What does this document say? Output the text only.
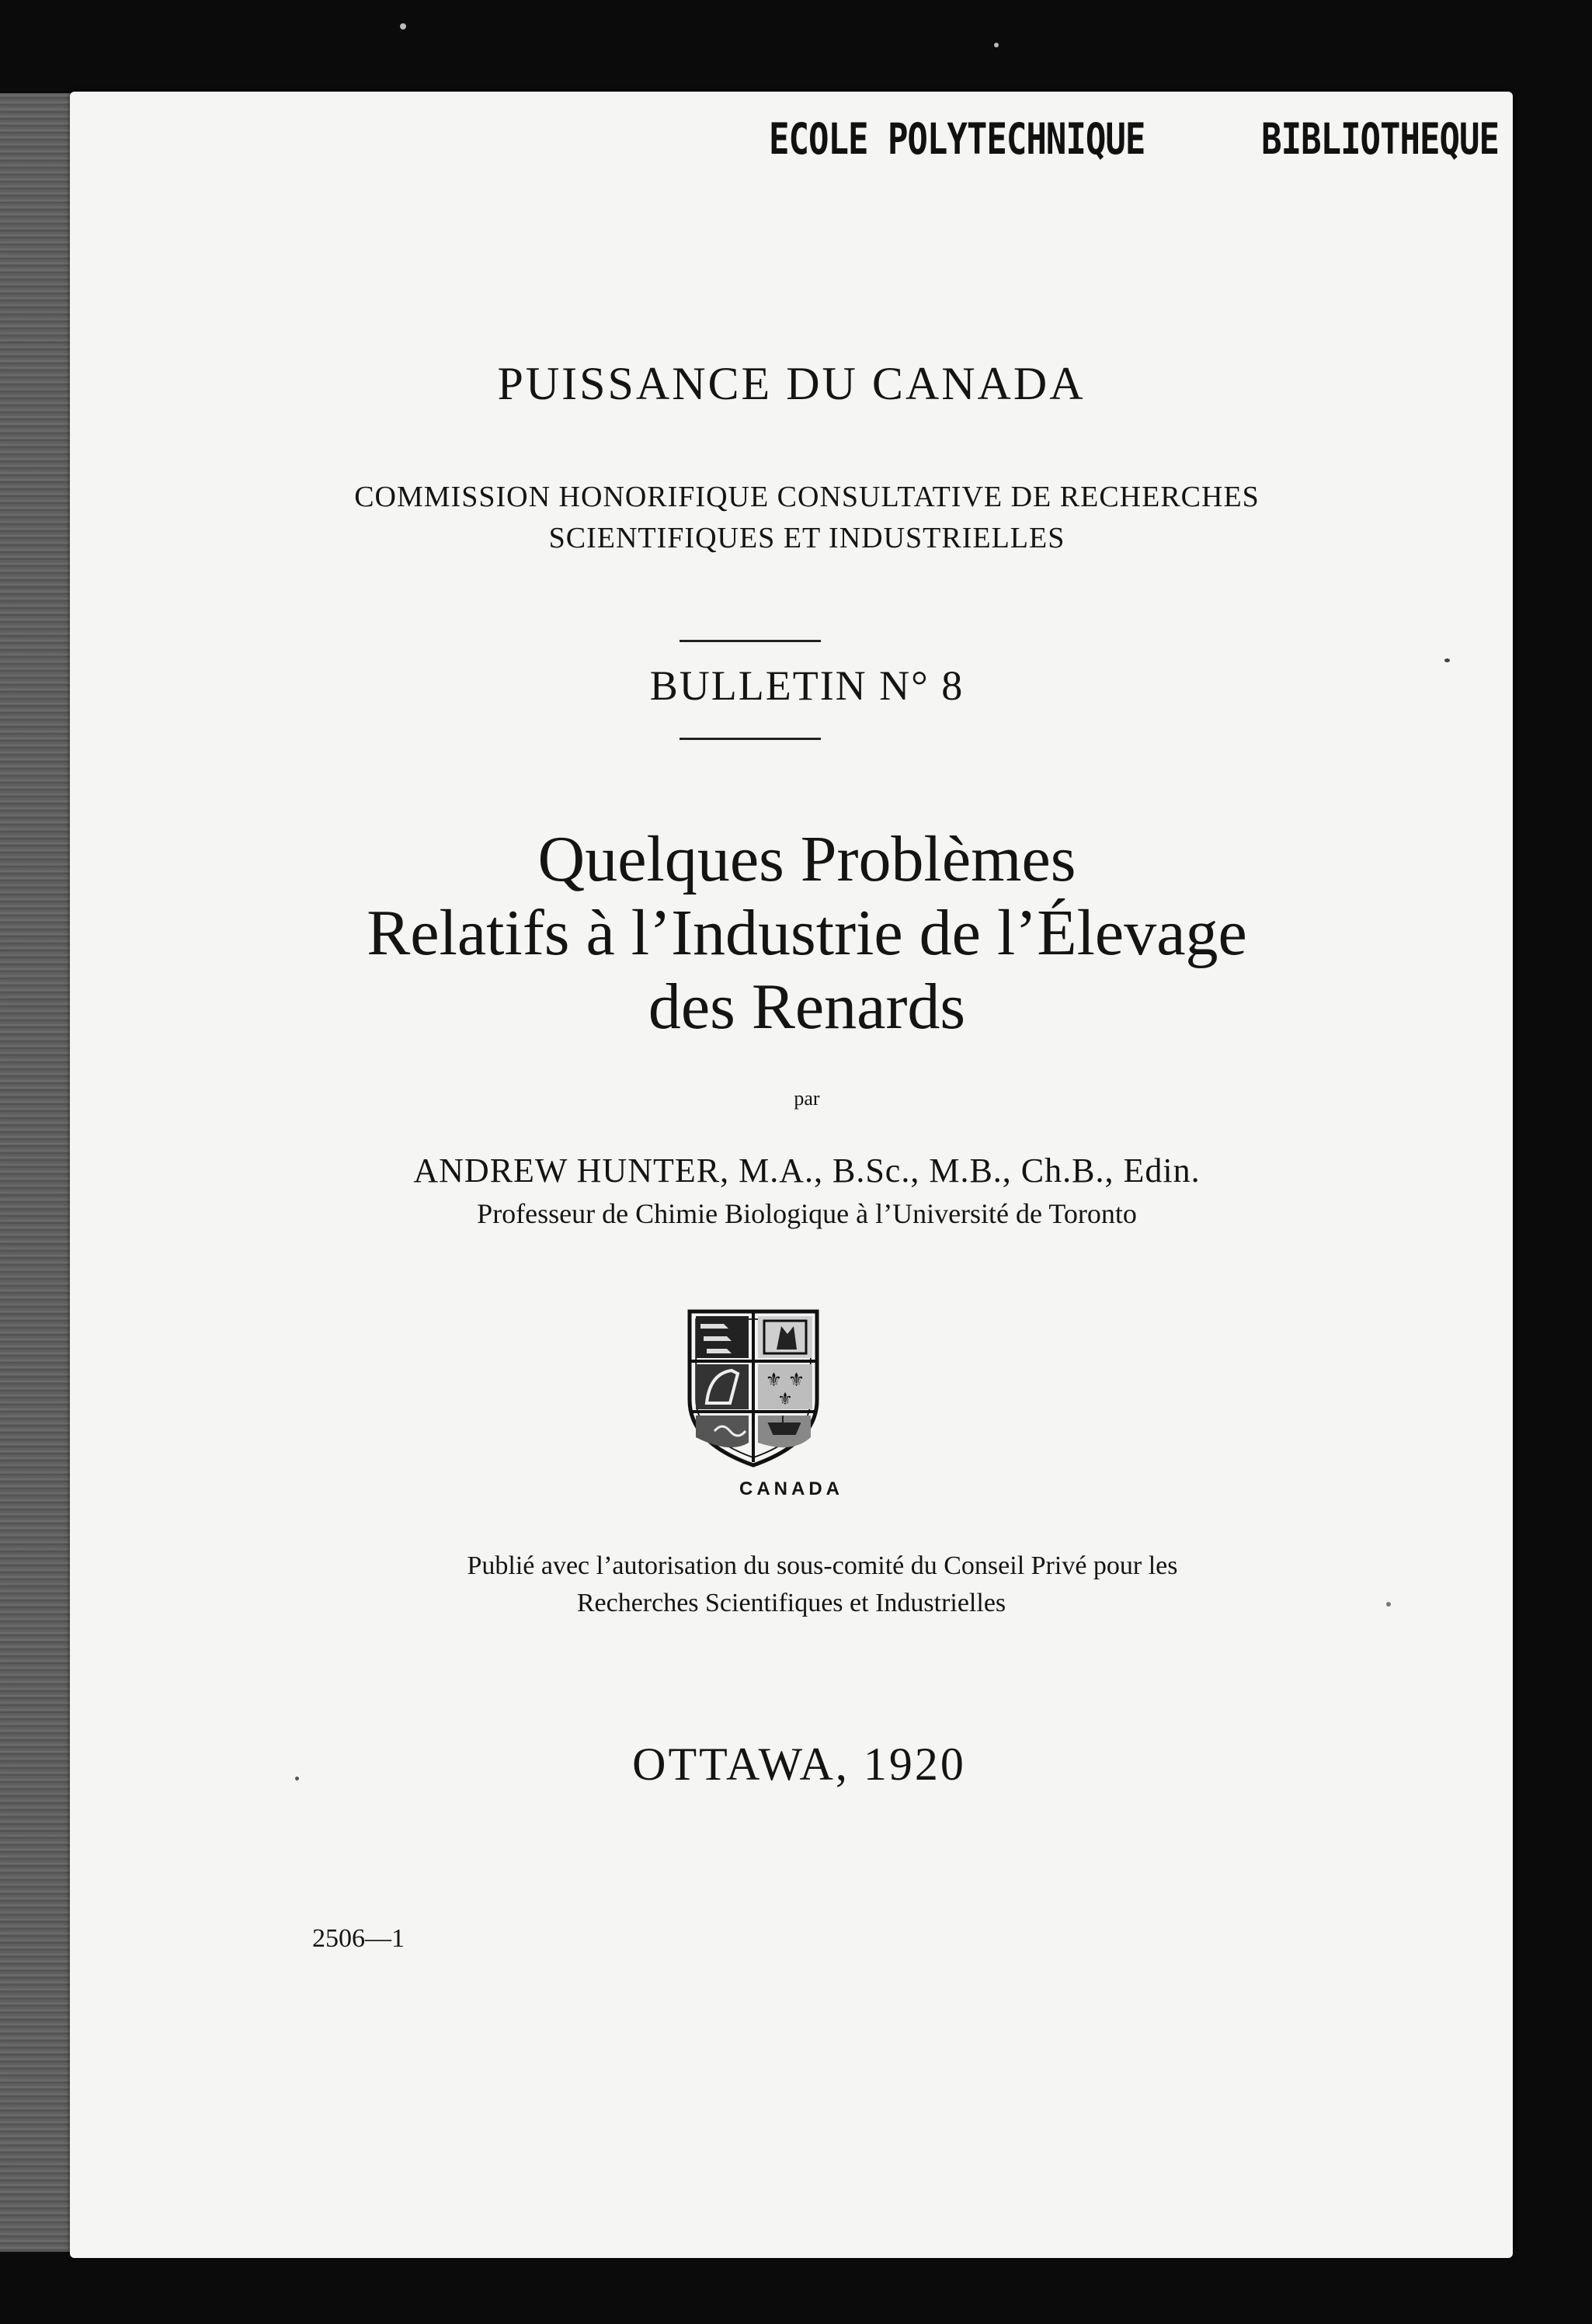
ECOLE POLYTECHNIQUE	BIBLIOTHEQUE

PUISSANCE DU CANADA

COMMISSION HONORIFIQUE CONSULTATIVE DE RECHERCHES

SCIENTIFIQUES ET INDUSTRIELLES

BULLETIN N° 8

Quelques Problèmes

Relatifs à l’Industrie de l’Élevage

des Renards

par

ANDREW HUNTER, M.A., B.Sc., M.B., Ch.B., Edin.

Professeur de Chimie Biologique à l’Université de Toronto

⚜ ⚜
⚜

CANADA

Publié avec l’autorisation du sous-comité du Conseil Privé pour les

Recherches Scientifiques et Industrielles

OTTAWA, 1920

2506—1
